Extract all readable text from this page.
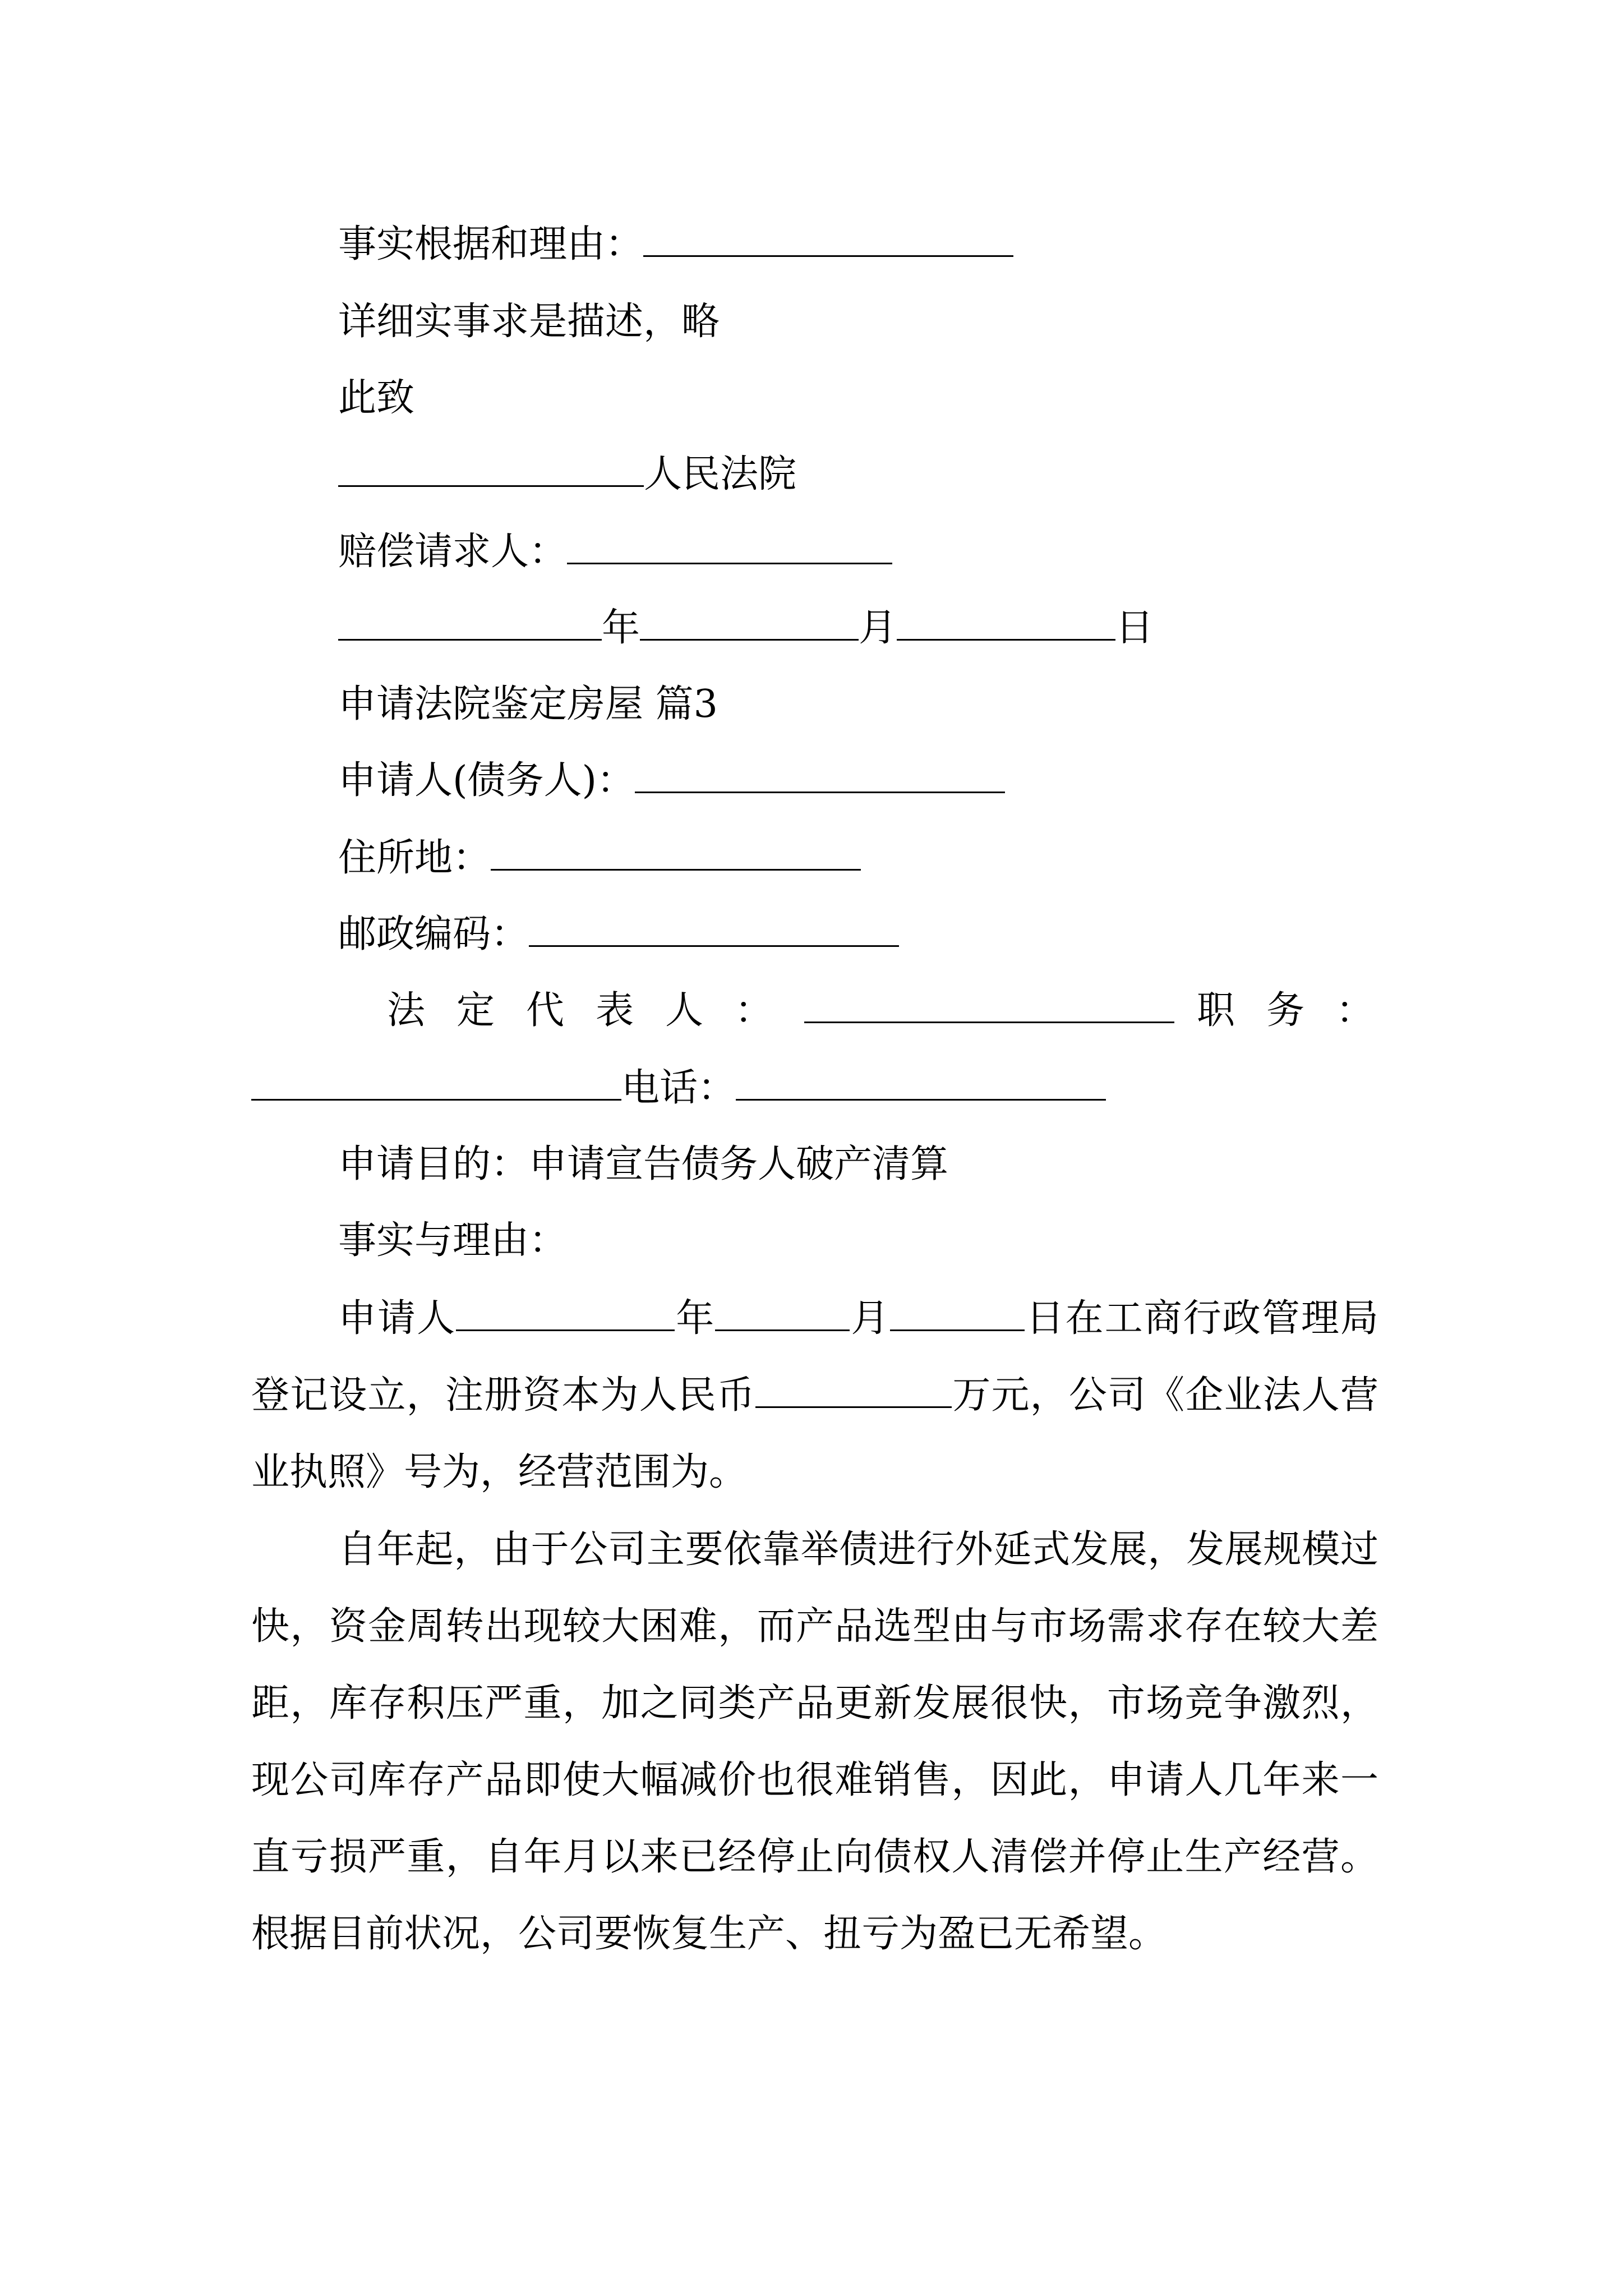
事实根据和理由：
详细实事求是描述，略
此致
人民法院
赔偿请求人：
年	月	日
申请法院鉴定房屋 篇3
申请人(债务人)：
住所地：
邮政编码：
法定代表人：	职务：
电话：
申请目的：申请宣告债务人破产清算
事实与理由：
申请人	年	月	日在工商行政管理局登记设立，注册资本为人民币	万元，公司《企业法人营业执照》号为，经营范围为。
自年起，由于公司主要依靠举债进行外延式发展，发展规模过快，资金周转出现较大困难，而产品选型由与市场需求存在较大差距，库存积压严重，加之同类产品更新发展很快，市场竞争激烈，现公司库存产品即使大幅减价也很难销售，因此，申请人几年来一直亏损严重，自年月以来已经停止向债权人清偿并停止生产经营。根据目前状况，公司要恢复生产、扭亏为盈已无希望。
